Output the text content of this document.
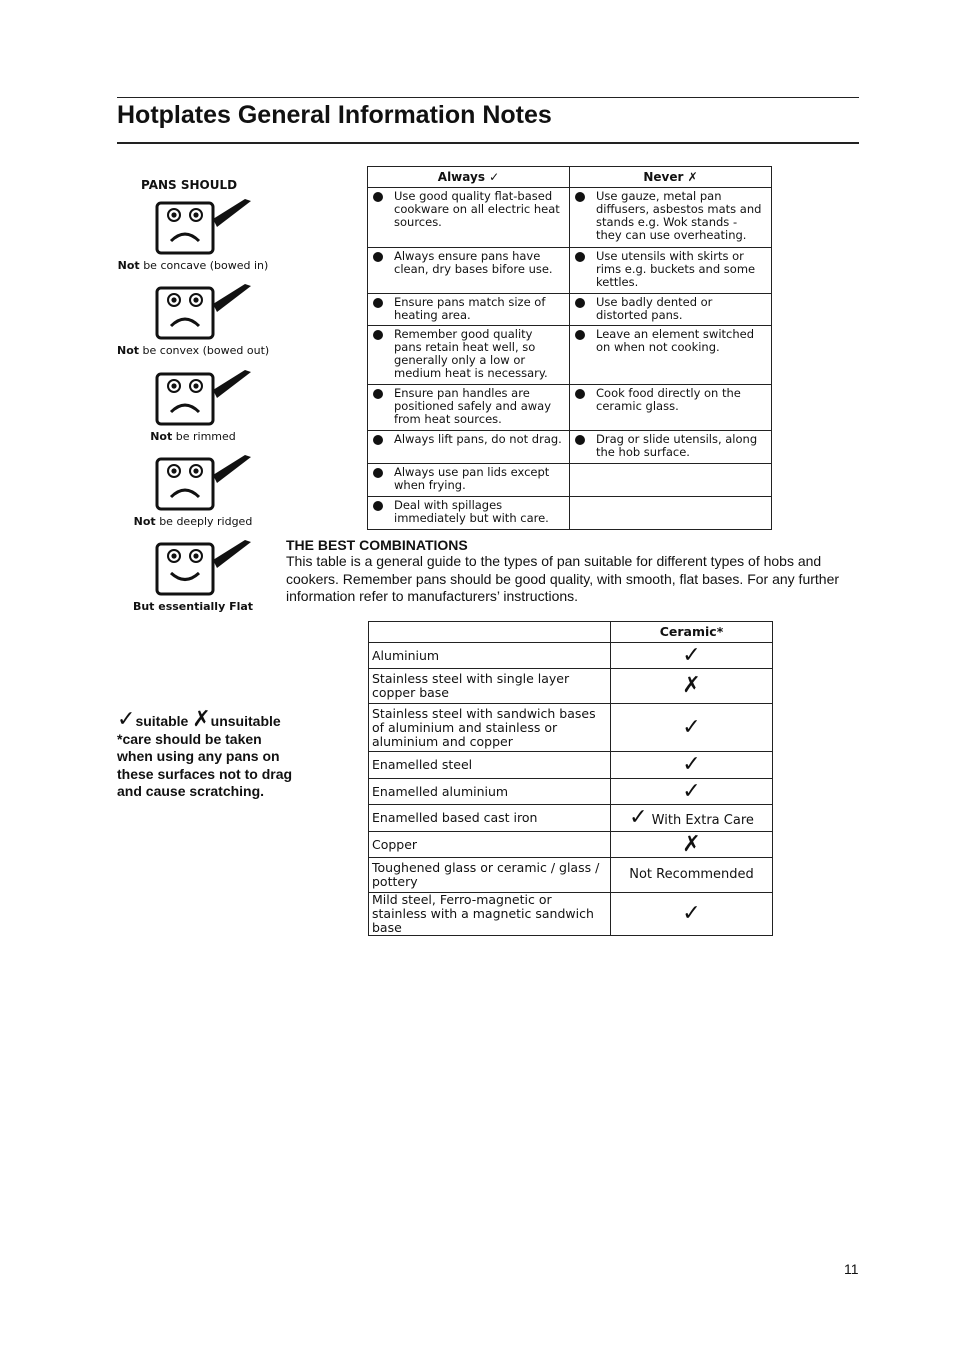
Hotplates General Information Notes
PANS SHOULD
Not be concave (bowed in)
Not be convex (bowed out)
Not be rimmed
Not be deeply ridged
But essentially Flat
Always ✓	Never ✗

Use good quality flat-based cookware on all electric heat sources.	Use gauze, metal pan diffusers, asbestos mats and stands e.g. Wok stands - they can use overheating.

Always ensure pans have clean, dry bases bifore use.	Use utensils with skirts or rims e.g. buckets and some kettles.

Ensure pans match size of heating area.	Use badly dented or distorted pans.

Remember good quality pans retain heat well, so generally only a low or medium heat is necessary.	Leave an element switched on when not cooking.

Ensure pan handles are positioned safely and away from heat sources.	Cook food directly on the ceramic glass.

Always lift pans, do not drag.	Drag or slide utensils, along the hob surface.

Always use pan lids except when frying.	

Deal with spillages immediately but with care.	

THE BEST COMBINATIONS

This table is a general guide to the types of pan suitable for different types of hobs and cookers. Remember pans should be good quality, with smooth, flat bases. For any further information refer to manufacturers’ instructions.

	Ceramic*
Aluminium	✓
Stainless steel with single layer copper base	✗
Stainless steel with sandwich bases of aluminium and stainless or aluminium and copper	✓
Enamelled steel	✓
Enamelled aluminium	✓
Enamelled based cast iron	✓ With Extra Care
Copper	✗
Toughened glass or ceramic / glass / pottery	Not Recommended
Mild steel, Ferro-magnetic or stainless with a magnetic sandwich base	✓
✓suitable ✗unsuitable
*care should be taken when using any pans on these surfaces not to drag and cause scratching.
11
